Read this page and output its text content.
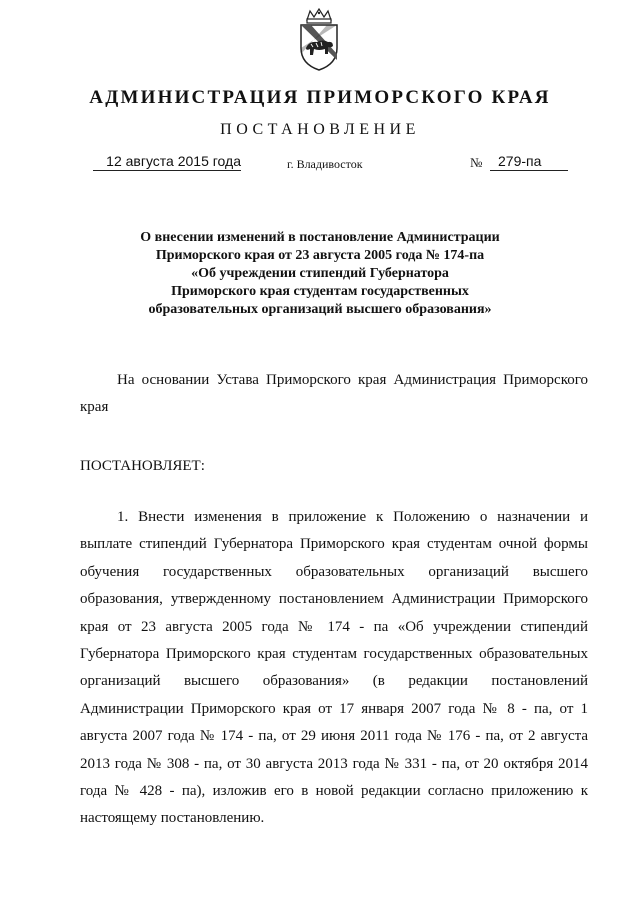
АДМИНИСТРАЦИЯ ПРИМОРСКОГО КРАЯ
ПОСТАНОВЛЕНИЕ
12 августа 2015 года	г. Владивосток	№	279-па
О внесении изменений в постановление Администрации
Приморского края от 23 августа 2005 года № 174-па
«Об учреждении стипендий Губернатора
Приморского края студентам государственных
образовательных организаций высшего образования»
На основании Устава Приморского края Администрация Приморского края
ПОСТАНОВЛЯЕТ:
1. Внести изменения в приложение к Положению о назначении и выплате стипендий Губернатора Приморского края студентам очной формы обучения государственных образовательных организаций высшего образования, утвержденному постановлением Администрации Приморского края от 23 августа 2005 года № 174 - па «Об учреждении стипендий Губернатора Приморского края студентам государственных образовательных организаций высшего образования» (в редакции постановлений Администрации Приморского края от 17 января 2007 года № 8 - па, от 1 августа 2007 года № 174 - па, от 29 июня 2011 года № 176 - па, от 2 августа 2013 года № 308 - па, от 30 августа 2013 года № 331 - па, от 20 октября 2014 года № 428 - па), изложив его в новой редакции согласно приложению к настоящему постановлению.
